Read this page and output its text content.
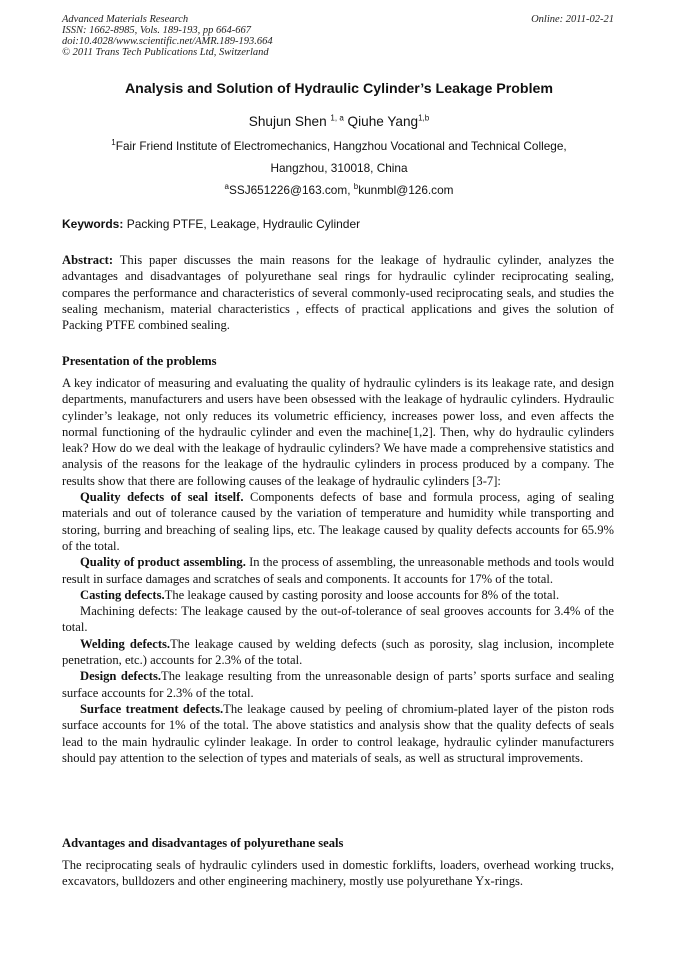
Advanced Materials Research
ISSN: 1662-8985, Vols. 189-193, pp 664-667
doi:10.4028/www.scientific.net/AMR.189-193.664
© 2011 Trans Tech Publications Ltd, Switzerland
Online: 2011-02-21
Analysis and Solution of Hydraulic Cylinder’s Leakage Problem
Shujun Shen $^{1, a}$ Qiuhe Yang$^{1,b}$
$^1$Fair Friend Institute of Electromechanics, Hangzhou Vocational and Technical College,
Hangzhou, 310018, China
$^a$SSJ651226@163.com, $^b$kunmbl@126.com
Keywords: Packing PTFE, Leakage, Hydraulic Cylinder
Abstract: This paper discusses the main reasons for the leakage of hydraulic cylinder, analyzes the advantages and disadvantages of polyurethane seal rings for hydraulic cylinder reciprocating sealing, compares the performance and characteristics of several commonly-used reciprocating seals, and studies the sealing mechanism, material characteristics , effects of practical applications and gives the solution of Packing PTFE combined sealing.
Presentation of the problems

A key indicator of measuring and evaluating the quality of hydraulic cylinders is its leakage rate, and design departments, manufacturers and users have been obsessed with the leakage of hydraulic cylinders. Hydraulic cylinder’s leakage, not only reduces its volumetric efficiency, increases power loss, and even affects the normal functioning of the hydraulic cylinder and even the machine[1,2]. Then, why do hydraulic cylinders leak? How do we deal with the leakage of hydraulic cylinders? We have made a comprehensive statistics and analysis of the reasons for the leakage of the hydraulic cylinders in process produced by a company. The results show that there are following causes of the leakage of hydraulic cylinders [3-7]:

Quality defects of seal itself. Components defects of base and formula process, aging of sealing materials and out of tolerance caused by the variation of temperature and humidity while transporting and storing, burring and breaching of sealing lips, etc. The leakage caused by quality defects accounts for 65.9% of the total.

Quality of product assembling. In the process of assembling, the unreasonable methods and tools would result in surface damages and scratches of seals and components. It accounts for 17% of the total.

Casting defects.The leakage caused by casting porosity and loose accounts for 8% of the total.

Machining defects: The leakage caused by the out-of-tolerance of seal grooves accounts for 3.4% of the total.

Welding defects.The leakage caused by welding defects (such as porosity, slag inclusion, incomplete penetration, etc.) accounts for 2.3% of the total.

Design defects.The leakage resulting from the unreasonable design of parts’ sports surface and sealing surface accounts for 2.3% of the total.

Surface treatment defects.The leakage caused by peeling of chromium-plated layer of the piston rods surface accounts for 1% of the total. The above statistics and analysis show that the quality defects of seals lead to the main hydraulic cylinder leakage. In order to control leakage, hydraulic cylinder manufacturers should pay attention to the selection of types and materials of seals, as well as structural improvements.

Advantages and disadvantages of polyurethane seals

The reciprocating seals of hydraulic cylinders used in domestic forklifts, loaders, overhead working trucks, excavators, bulldozers and other engineering machinery, mostly use polyurethane Yx-rings.
